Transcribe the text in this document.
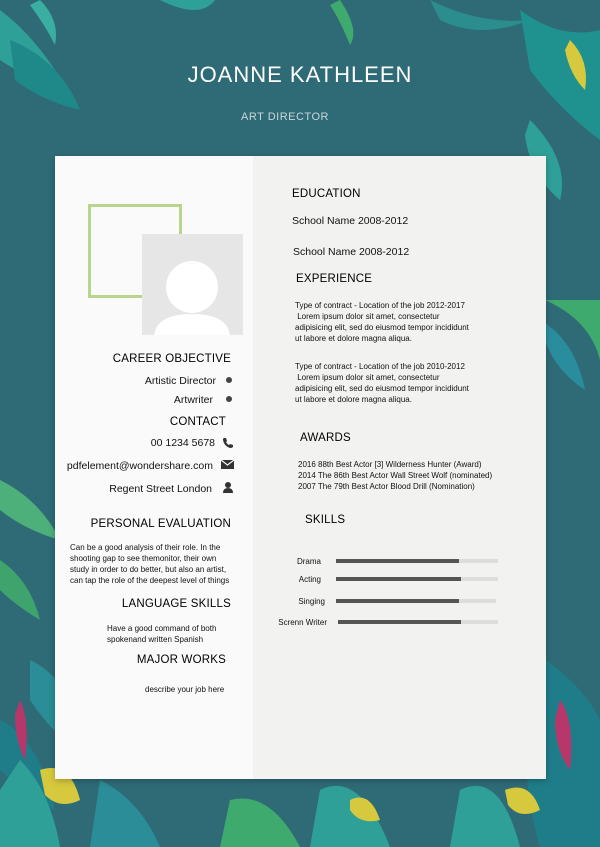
JOANNE KATHLEEN
ART DIRECTOR
CAREER OBJECTIVE
Artistic Director
Artwriter
CONTACT
00 1234 5678
pdfelement@wondershare.com
Regent Street London
PERSONAL EVALUATION
Can be a good analysis of their role. In the
shooting gap to see themonitor, their own
study in order to do better, but also an artist,
can tap the role of the deepest level of things
LANGUAGE SKILLS
Have a good command of both
spokenand written Spanish
MAJOR WORKS
describe your job here
EDUCATION
School Name 2008-2012
School Name 2008-2012
EXPERIENCE
Type of contract - Location of the job 2012-2017
Lorem ipsum dolor sit amet, consectetur
adipisicing elit, sed do eiusmod tempor incididunt
ut labore et dolore magna aliqua.
Type of contract - Location of the job 2010-2012
Lorem ipsum dolor sit amet, consectetur
adipisicing elit, sed do eiusmod tempor incididunt
ut labore et dolore magna aliqua.
AWARDS
2016 88th Best Actor [3] Wilderness Hunter (Award)
2014 The 86th Best Actor Wall Street Wolf (nominated)
2007 The 79th Best Actor Blood Drill (Nomination)
SKILLS
Drama
Acting
Singing
Screnn Writer
